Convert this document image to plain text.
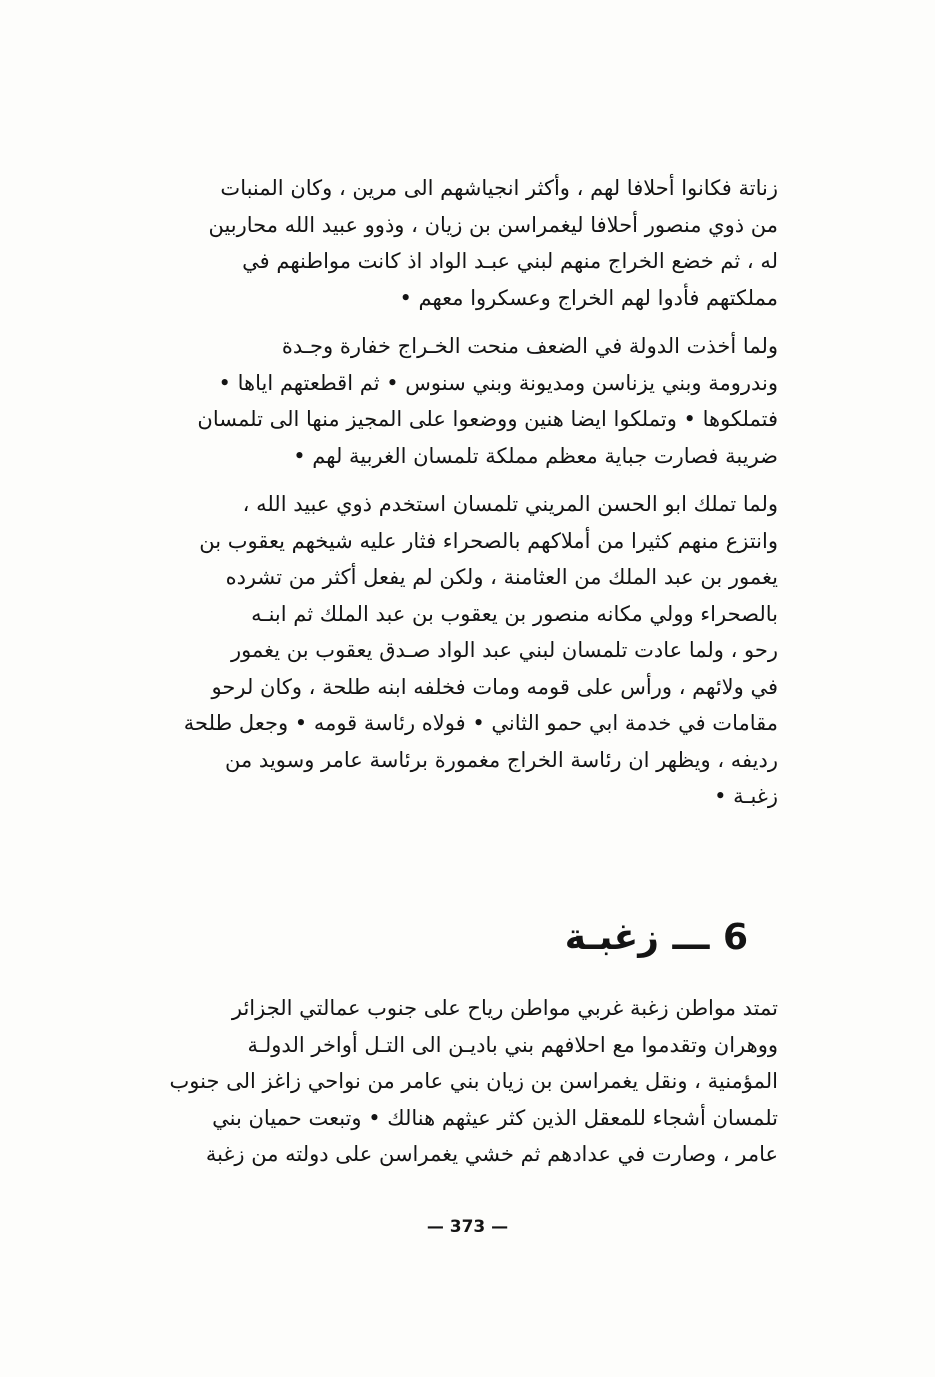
زناتة فكانوا أحلافا لهم ، وأكثر انجياشهم الى مرين ، وكان المنبات
من ذوي منصور أحلافا ليغمراسن بن زيان ، وذوو عبيد الله محاربين
له ، ثم خضع الخراج منهم لبني عبـد الواد اذ كانت مواطنهم في
مملكتهم فأدوا لهم الخراج وعسكروا معهم •

ولما أخذت الدولة في الضعف منحت الخـراج خفارة وجـدة
وندرومة وبني يزناسن ومديونة وبني سنوس • ثم اقطعتهم اياها •
فتملكوها • وتملكوا ايضا هنين ووضعوا على المجيز منها الى تلمسان
ضريبة فصارت جباية معظم مملكة تلمسان الغربية لهم •

ولما تملك ابو الحسن المريني تلمسان استخدم ذوي عبيد الله ،
وانتزع منهم كثيرا من أملاكهم بالصحراء فثار عليه شيخهم يعقوب بن
يغمور بن عبد الملك من العثامنة ، ولكن لم يفعل أكثر من تشرده
بالصحراء وولي مكانه منصور بن يعقوب بن عبد الملك ثم ابنـه
رحو ، ولما عادت تلمسان لبني عبد الواد صـدق يعقوب بن يغمور
في ولائهم ، ورأس على قومه ومات فخلفه ابنه طلحة ، وكان لرحو
مقامات في خدمة ابي حمو الثاني • فولاه رئاسة قومه • وجعل طلحة
رديفه ، ويظهر ان رئاسة الخراج مغمورة برئاسة عامر وسويد من
زغبـة •

6 ـــ زغبـة

تمتد مواطن زغبة غربي مواطن رياح على جنوب عمالتي الجزائر
ووهران وتقدموا مع احلافهم بني باديـن الى التـل أواخر الدولـة
المؤمنية ، ونقل يغمراسن بن زيان بني عامر من نواحي زاغز الى جنوب
تلمسان أشجاء للمعقل الذين كثر عيثهم هنالك • وتبعت حميان بني
عامر ، وصارت في عدادهم ثم خشي يغمراسن على دولته من زغبة

— 373 —
